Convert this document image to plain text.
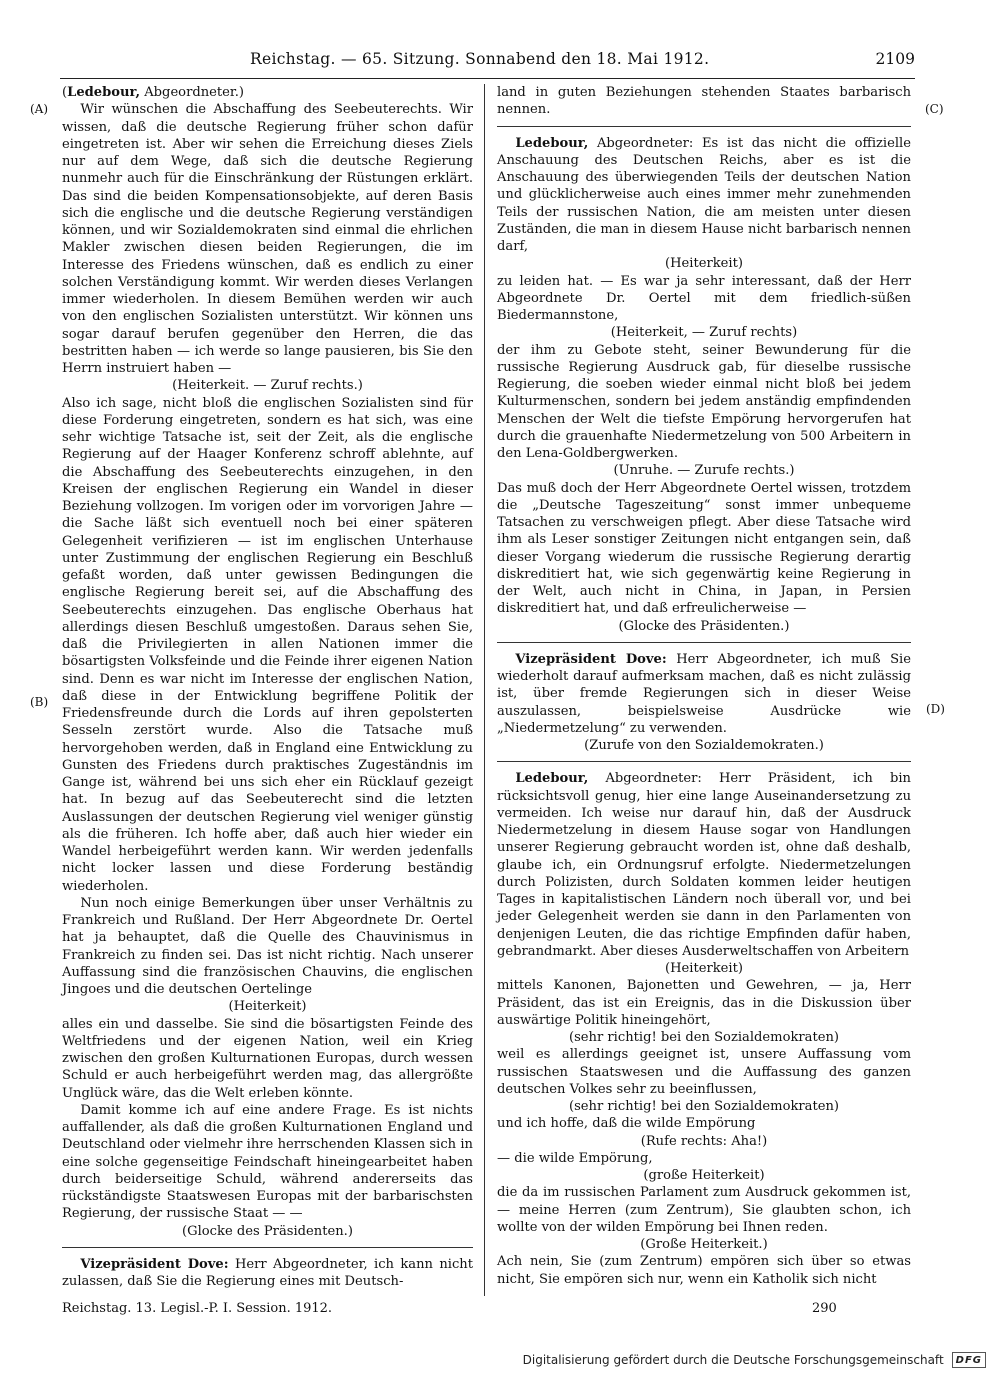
Reichstag. — 65. Sitzung. Sonnabend den 18. Mai 1912.	2109
(A)
(B)
(C)
(D)

(Ledebour, Abgeordneter.)

Wir wünschen die Abschaffung des Seebeuterechts. Wir wissen, daß die deutsche Regierung früher schon dafür eingetreten ist. Aber wir sehen die Erreichung dieses Ziels nur auf dem Wege, daß sich die deutsche Regierung nunmehr auch für die Einschränkung der Rüstungen erklärt. Das sind die beiden Kompensationsobjekte, auf deren Basis sich die englische und die deutsche Regierung verständigen können, und wir Sozialdemokraten sind einmal die ehrlichen Makler zwischen diesen beiden Regierungen, die im Interesse des Friedens wünschen, daß es endlich zu einer solchen Verständigung kommt. Wir werden dieses Verlangen immer wiederholen. In diesem Bemühen werden wir auch von den englischen Sozialisten unterstützt. Wir können uns sogar darauf berufen gegenüber den Herren, die das bestritten haben — ich werde so lange pausieren, bis Sie den Herrn instruiert haben —

(Heiterkeit. — Zuruf rechts.)

Also ich sage, nicht bloß die englischen Sozialisten sind für diese Forderung eingetreten, sondern es hat sich, was eine sehr wichtige Tatsache ist, seit der Zeit, als die englische Regierung auf der Haager Konferenz schroff ablehnte, auf die Abschaffung des Seebeuterechts einzugehen, in den Kreisen der englischen Regierung ein Wandel in dieser Beziehung vollzogen. Im vorigen oder im vorvorigen Jahre — die Sache läßt sich eventuell noch bei einer späteren Gelegenheit verifizieren — ist im englischen Unterhause unter Zustimmung der englischen Regierung ein Beschluß gefaßt worden, daß unter gewissen Bedingungen die englische Regierung bereit sei, auf die Abschaffung des Seebeuterechts einzugehen. Das englische Oberhaus hat allerdings diesen Beschluß umgestoßen. Daraus sehen Sie, daß die Privilegierten in allen Nationen immer die bösartigsten Volksfeinde und die Feinde ihrer eigenen Nation sind. Denn es war nicht im Interesse der englischen Nation, daß diese in der Entwicklung begriffene Politik der Friedensfreunde durch die Lords auf ihren gepolsterten Sesseln zerstört wurde. Also die Tatsache muß hervorgehoben werden, daß in England eine Entwicklung zu Gunsten des Friedens durch praktisches Zugeständnis im Gange ist, während bei uns sich eher ein Rücklauf gezeigt hat. In bezug auf das Seebeuterecht sind die letzten Auslassungen der deutschen Regierung viel weniger günstig als die früheren. Ich hoffe aber, daß auch hier wieder ein Wandel herbeigeführt werden kann. Wir werden jedenfalls nicht locker lassen und diese Forderung beständig wiederholen.

Nun noch einige Bemerkungen über unser Verhältnis zu Frankreich und Rußland. Der Herr Abgeordnete Dr. Oertel hat ja behauptet, daß die Quelle des Chauvinismus in Frankreich zu finden sei. Das ist nicht richtig. Nach unserer Auffassung sind die französischen Chauvins, die englischen Jingoes und die deutschen Oertelinge

(Heiterkeit)

alles ein und dasselbe. Sie sind die bösartigsten Feinde des Weltfriedens und der eigenen Nation, weil ein Krieg zwischen den großen Kulturnationen Europas, durch wessen Schuld er auch herbeigeführt werden mag, das allergrößte Unglück wäre, das die Welt erleben könnte.

Damit komme ich auf eine andere Frage. Es ist nichts auffallender, als daß die großen Kulturnationen England und Deutschland oder vielmehr ihre herrschenden Klassen sich in eine solche gegenseitige Feindschaft hineingearbeitet haben durch beiderseitige Schuld, während andererseits das rückständigste Staatswesen Europas mit der barbarischsten Regierung, der russische Staat — —

(Glocke des Präsidenten.)

Vizepräsident Dove: Herr Abgeordneter, ich kann nicht zulassen, daß Sie die Regierung eines mit Deutsch-

land in guten Beziehungen stehenden Staates barbarisch nennen.

Ledebour, Abgeordneter: Es ist das nicht die offizielle Anschauung des Deutschen Reichs, aber es ist die Anschauung des überwiegenden Teils der deutschen Nation und glücklicherweise auch eines immer mehr zunehmenden Teils der russischen Nation, die am meisten unter diesen Zuständen, die man in diesem Hause nicht barbarisch nennen darf,

(Heiterkeit)

zu leiden hat. — Es war ja sehr interessant, daß der Herr Abgeordnete Dr. Oertel mit dem friedlich-süßen Biedermannstone,

(Heiterkeit, — Zuruf rechts)

der ihm zu Gebote steht, seiner Bewunderung für die russische Regierung Ausdruck gab, für dieselbe russische Regierung, die soeben wieder einmal nicht bloß bei jedem Kulturmenschen, sondern bei jedem anständig empfindenden Menschen der Welt die tiefste Empörung hervorgerufen hat durch die grauenhafte Niedermetzelung von 500 Arbeitern in den Lena-Goldbergwerken.

(Unruhe. — Zurufe rechts.)

Das muß doch der Herr Abgeordnete Oertel wissen, trotzdem die „Deutsche Tageszeitung“ sonst immer unbequeme Tatsachen zu verschweigen pflegt. Aber diese Tatsache wird ihm als Leser sonstiger Zeitungen nicht entgangen sein, daß dieser Vorgang wiederum die russische Regierung derartig diskreditiert hat, wie sich gegenwärtig keine Regierung in der Welt, auch nicht in China, in Japan, in Persien diskreditiert hat, und daß erfreulicherweise —

(Glocke des Präsidenten.)

Vizepräsident Dove: Herr Abgeordneter, ich muß Sie wiederholt darauf aufmerksam machen, daß es nicht zulässig ist, über fremde Regierungen sich in dieser Weise auszulassen, beispielsweise Ausdrücke wie „Niedermetzelung“ zu verwenden.

(Zurufe von den Sozialdemokraten.)

Ledebour, Abgeordneter: Herr Präsident, ich bin rücksichtsvoll genug, hier eine lange Auseinandersetzung zu vermeiden. Ich weise nur darauf hin, daß der Ausdruck Niedermetzelung in diesem Hause sogar von Handlungen unserer Regierung gebraucht worden ist, ohne daß deshalb, glaube ich, ein Ordnungsruf erfolgte. Niedermetzelungen durch Polizisten, durch Soldaten kommen leider heutigen Tages in kapitalistischen Ländern noch überall vor, und bei jeder Gelegenheit werden sie dann in den Parlamenten von denjenigen Leuten, die das richtige Empfinden dafür haben, gebrandmarkt. Aber dieses Ausderweltschaffen von Arbeitern

(Heiterkeit)

mittels Kanonen, Bajonetten und Gewehren, — ja, Herr Präsident, das ist ein Ereignis, das in die Diskussion über auswärtige Politik hineingehört,

(sehr richtig! bei den Sozialdemokraten)

weil es allerdings geeignet ist, unsere Auffassung vom russischen Staatswesen und die Auffassung des ganzen deutschen Volkes sehr zu beeinflussen,

(sehr richtig! bei den Sozialdemokraten)

und ich hoffe, daß die wilde Empörung

(Rufe rechts: Aha!)

— die wilde Empörung,

(große Heiterkeit)

die da im russischen Parlament zum Ausdruck gekommen ist, — meine Herren (zum Zentrum), Sie glaubten schon, ich wollte von der wilden Empörung bei Ihnen reden.

(Große Heiterkeit.)

Ach nein, Sie (zum Zentrum) empören sich über so etwas nicht, Sie empören sich nur, wenn ein Katholik sich nicht

Reichstag. 13. Legisl.-P. I. Session. 1912.	290
Digitalisierung gefördert durch die Deutsche Forschungsgemeinschaft	DFG
